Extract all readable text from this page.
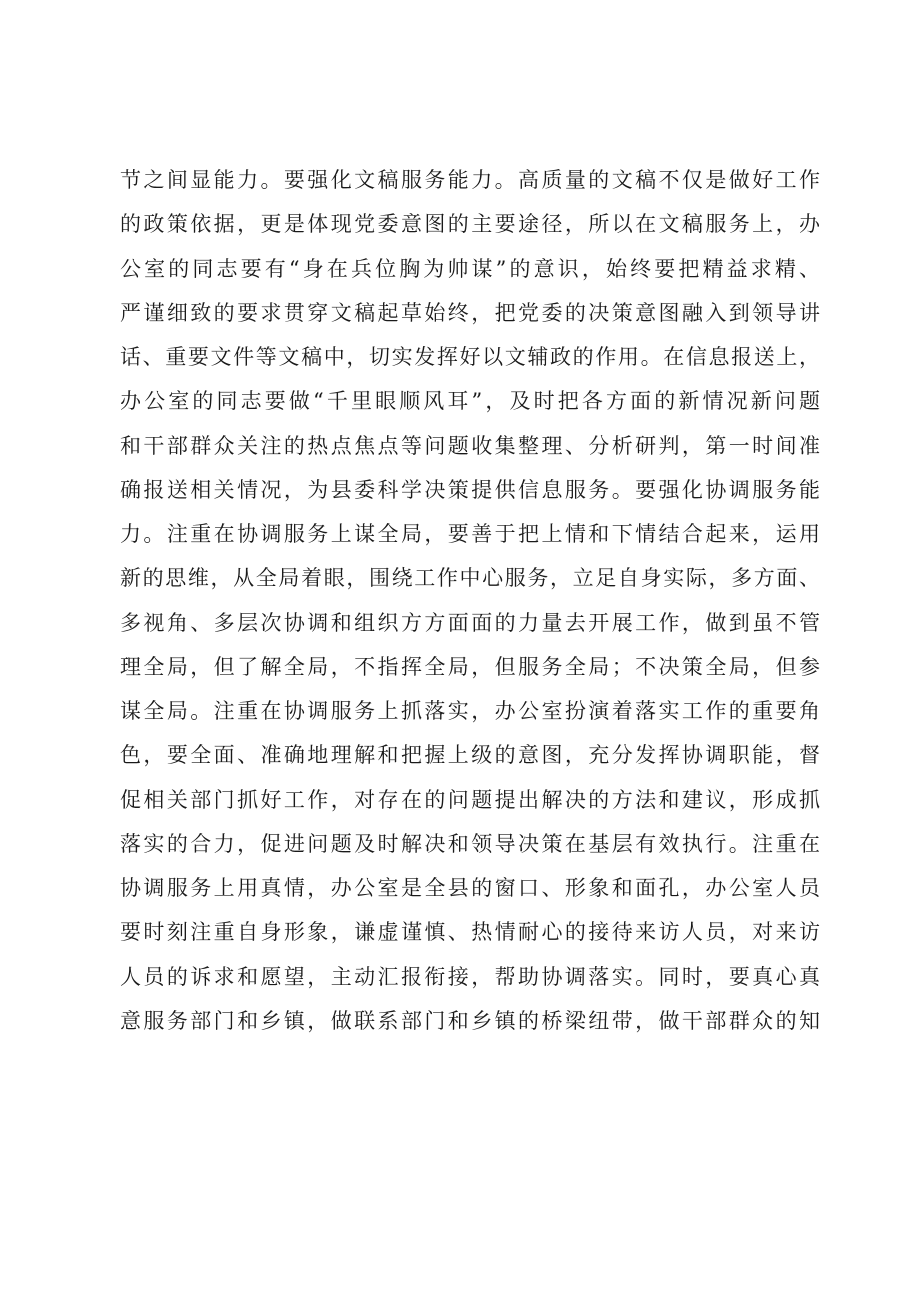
节之间显能力。要强化文稿服务能力。高质量的文稿不仅是做好工作
的政策依据，更是体现党委意图的主要途径，所以在文稿服务上，办
公室的同志要有“身在兵位胸为帅谋”的意识，始终要把精益求精、
严谨细致的要求贯穿文稿起草始终，把党委的决策意图融入到领导讲
话、重要文件等文稿中，切实发挥好以文辅政的作用。在信息报送上，
办公室的同志要做“千里眼顺风耳”，及时把各方面的新情况新问题
和干部群众关注的热点焦点等问题收集整理、分析研判，第一时间准
确报送相关情况，为县委科学决策提供信息服务。要强化协调服务能
力。注重在协调服务上谋全局，要善于把上情和下情结合起来，运用
新的思维，从全局着眼，围绕工作中心服务，立足自身实际，多方面、
多视角、多层次协调和组织方方面面的力量去开展工作，做到虽不管
理全局，但了解全局，不指挥全局，但服务全局；不决策全局，但参
谋全局。注重在协调服务上抓落实，办公室扮演着落实工作的重要角
色，要全面、准确地理解和把握上级的意图，充分发挥协调职能，督
促相关部门抓好工作，对存在的问题提出解决的方法和建议，形成抓
落实的合力，促进问题及时解决和领导决策在基层有效执行。注重在
协调服务上用真情，办公室是全县的窗口、形象和面孔，办公室人员
要时刻注重自身形象，谦虚谨慎、热情耐心的接待来访人员，对来访
人员的诉求和愿望，主动汇报衔接，帮助协调落实。同时，要真心真
意服务部门和乡镇，做联系部门和乡镇的桥梁纽带，做干部群众的知
